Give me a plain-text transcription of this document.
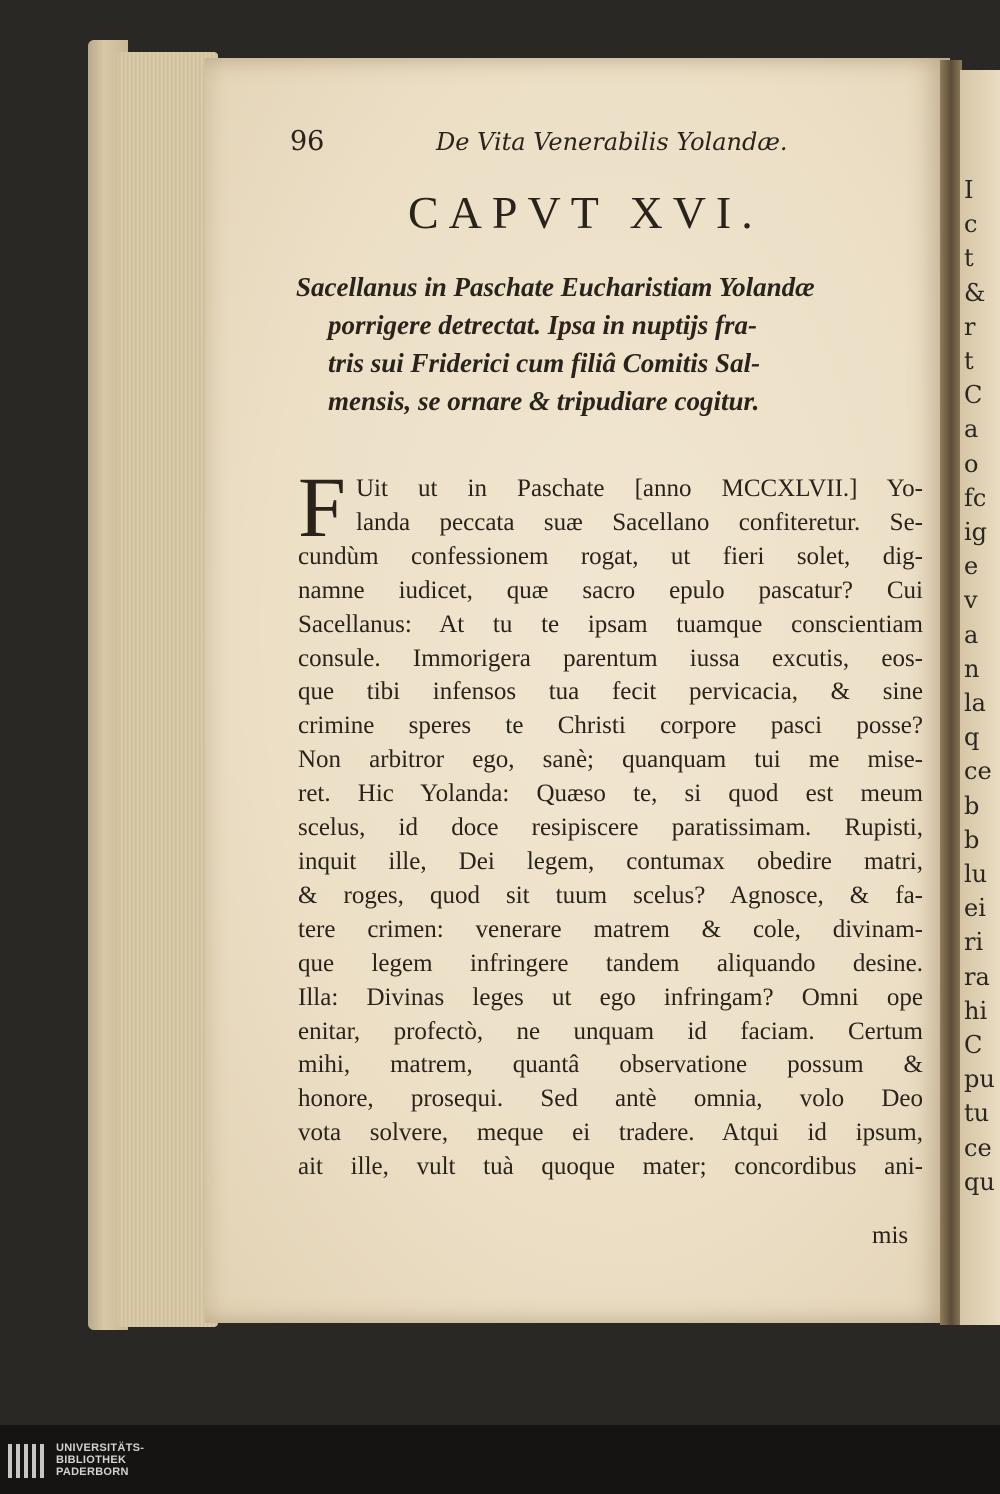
I
c
t
&
r
t
C
a
o
fc
ig
e
v
a
n
la
q
ce
b
b
lu
ei
ri
ra
hi
C
pu
tu
ce
qu
96	De Vita Venerabilis Yolandæ.
CAPVT XVI.
Sacellanus in Paschate Eucharistiam Yolandæ
porrigere detrectat. Ipsa in nuptijs fra-
tris sui Friderici cum filiâ Comitis Sal-
mensis, se ornare & tripudiare cogitur.
F Uit ut in Paschate [anno MCCXLVII.] Yo-
landa peccata suæ Sacellano confiteretur. Se-
cundùm confessionem rogat, ut fieri solet, dig-
namne iudicet, quæ sacro epulo pascatur? Cui
Sacellanus: At tu te ipsam tuamque conscientiam
consule. Immorigera parentum iussa excutis, eos-
que tibi infensos tua fecit pervicacia, & sine
crimine speres te Christi corpore pasci posse?
Non arbitror ego, sanè; quanquam tui me mise-
ret. Hic Yolanda: Quæso te, si quod est meum
scelus, id doce resipiscere paratissimam. Rupisti,
inquit ille, Dei legem, contumax obedire matri,
& roges, quod sit tuum scelus? Agnosce, & fa-
tere crimen: venerare matrem & cole, divinam-
que legem infringere tandem aliquando desine.
Illa: Divinas leges ut ego infringam? Omni ope
enitar, profectò, ne unquam id faciam. Certum
mihi, matrem, quantâ observatione possum &
honore, prosequi. Sed antè omnia, volo Deo
vota solvere, meque ei tradere. Atqui id ipsum,
ait ille, vult tuà quoque mater; concordibus ani-
mis
UNIVERSITÄTS-
BIBLIOTHEK
PADERBORN
